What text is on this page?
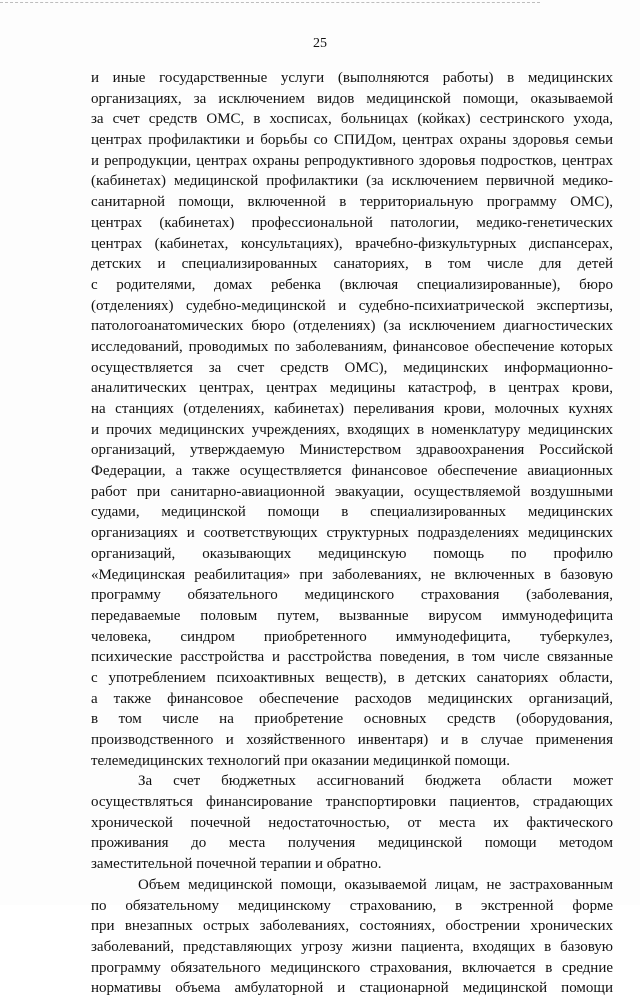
25
и иные государственные услуги (выполняются работы) в медицинских
организациях, за исключением видов медицинской помощи, оказываемой
за счет средств ОМС, в хосписах, больницах (койках) сестринского ухода,
центрах профилактики и борьбы со СПИДом, центрах охраны здоровья семьи
и репродукции, центрах охраны репродуктивного здоровья подростков, центрах
(кабинетах) медицинской профилактики (за исключением первичной медико-
санитарной помощи, включенной в территориальную программу ОМС),
центрах (кабинетах) профессиональной патологии, медико-генетических
центрах (кабинетах, консультациях), врачебно-физкультурных диспансерах,
детских и специализированных санаториях, в том числе для детей
с родителями, домах ребенка (включая специализированные), бюро
(отделениях) судебно-медицинской и судебно-психиатрической экспертизы,
патологоанатомических бюро (отделениях) (за исключением диагностических
исследований, проводимых по заболеваниям, финансовое обеспечение которых
осуществляется за счет средств ОМС), медицинских информационно-
аналитических центрах, центрах медицины катастроф, в центрах крови,
на станциях (отделениях, кабинетах) переливания крови, молочных кухнях
и прочих медицинских учреждениях, входящих в номенклатуру медицинских
организаций, утверждаемую Министерством здравоохранения Российской
Федерации, а также осуществляется финансовое обеспечение авиационных
работ при санитарно-авиационной эвакуации, осуществляемой воздушными
судами, медицинской помощи в специализированных медицинских
организациях и соответствующих структурных подразделениях медицинских
организаций, оказывающих медицинскую помощь по профилю
«Медицинская реабилитация» при заболеваниях, не включенных в базовую
программу обязательного медицинского страхования (заболевания,
передаваемые половым путем, вызванные вирусом иммунодефицита
человека, синдром приобретенного иммунодефицита, туберкулез,
психические расстройства и расстройства поведения, в том числе связанные
с употреблением психоактивных веществ), в детских санаториях области,
а также финансовое обеспечение расходов медицинских организаций,
в том числе на приобретение основных средств (оборудования,
производственного и хозяйственного инвентаря) и в случае применения
телемедицинских технологий при оказании медицинкой помощи.
За счет бюджетных ассигнований бюджета области может
осуществляться финансирование транспортировки пациентов, страдающих
хронической почечной недостаточностью, от места их фактического
проживания до места получения медицинской помощи методом
заместительной почечной терапии и обратно.
Объем медицинской помощи, оказываемой лицам, не застрахованным
по обязательному медицинскому страхованию, в экстренной форме
при внезапных острых заболеваниях, состояниях, обострении хронических
заболеваний, представляющих угрозу жизни пациента, входящих в базовую
программу обязательного медицинского страхования, включается в средние
нормативы объема амбулаторной и стационарной медицинской помощи
